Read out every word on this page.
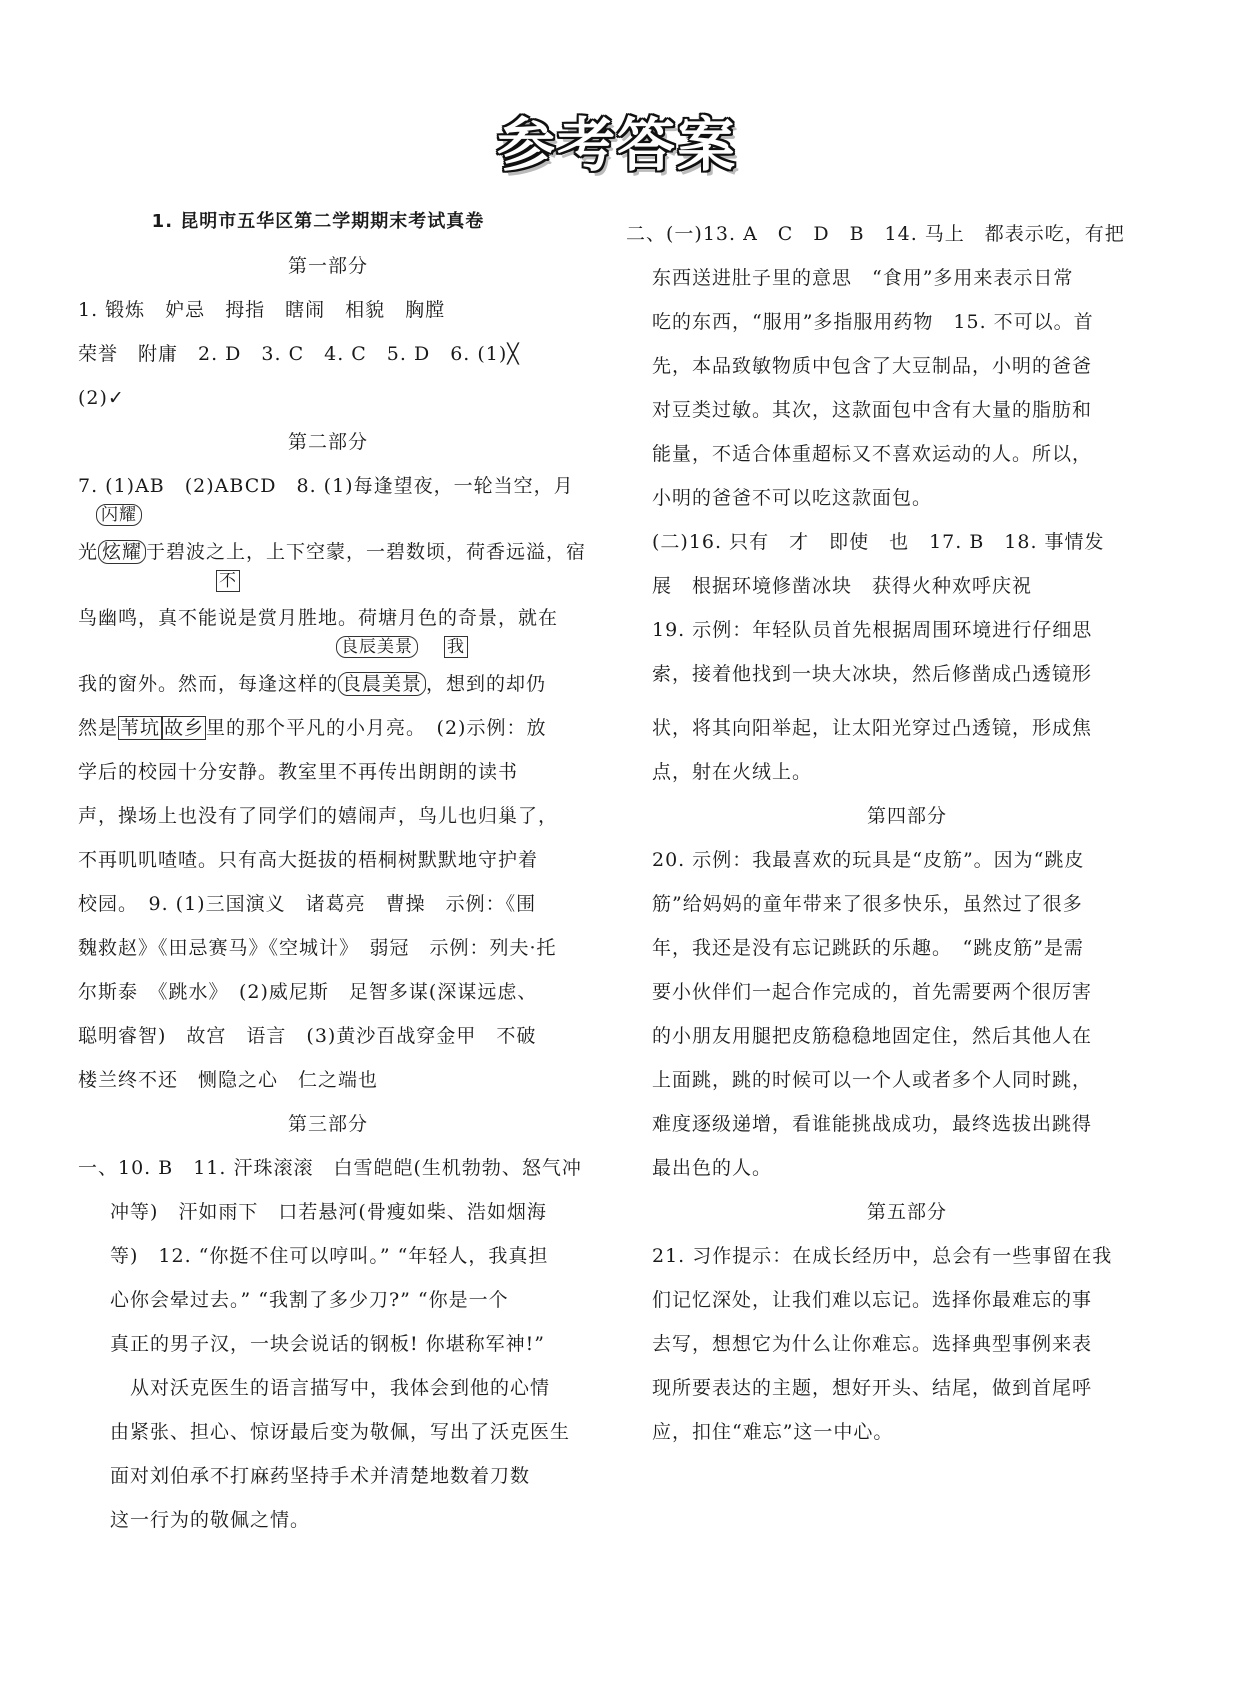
参考答案
1. 昆明市五华区第二学期期末考试真卷
第一部分
1. 锻炼　妒忌　拇指　瞎闹　相貌　胸膛
荣誉　附庸　2. D　3. C　4. C　5. D　6. (1)╳
(2)✓
第二部分
7. (1)AB　(2)ABCD　8. (1)每逢望夜，一轮当空，月
光
闪耀
炫耀 于碧波之上，上下空蒙，一碧数顷，荷香远溢，宿
鸟幽鸣，真不能
不
说是赏月胜地。荷塘月色的奇景，就在
我的窗外。然而，每逢这样的
良辰美景
良晨美景 ，
我
想到的却仍
然是 苇坑 故乡 里的那个平凡的小月亮。　(2)示例：放
学后的校园十分安静。教室里不再传出朗朗的读书
声，操场上也没有了同学们的嬉闹声，鸟儿也归巢了，
不再叽叽喳喳。只有高大挺拔的梧桐树默默地守护着
校园。　9. (1)三国演义　诸葛亮　曹操　示例：《围
魏救赵》《田忌赛马》《空城计》　弱冠　示例：列夫·托
尔斯泰　《跳水》　(2)威尼斯　足智多谋(深谋远虑、
聪明睿智)　故宫　语言　(3)黄沙百战穿金甲　不破
楼兰终不还　恻隐之心　仁之端也
第三部分
一、10. B　11. 汗珠滚滚　白雪皑皑(生机勃勃、怒气冲
冲等)　汗如雨下　口若悬河(骨瘦如柴、浩如烟海
等)　12. “你挺不住可以哼叫。” “年轻人，我真担
心你会晕过去。” “我割了多少刀?” “你是一个
真正的男子汉，一块会说话的钢板! 你堪称军神!”
　从对沃克医生的语言描写中，我体会到他的心情
由紧张、担心、惊讶最后变为敬佩，写出了沃克医生
面对刘伯承不打麻药坚持手术并清楚地数着刀数
这一行为的敬佩之情。
二、(一)13. A　C　D　B　14. 马上　都表示吃，有把
东西送进肚子里的意思　“食用”多用来表示日常
吃的东西，“服用”多指服用药物　15. 不可以。首
先，本品致敏物质中包含了大豆制品，小明的爸爸
对豆类过敏。其次，这款面包中含有大量的脂肪和
能量，不适合体重超标又不喜欢运动的人。所以，
小明的爸爸不可以吃这款面包。
(二)16. 只有　才　即使　也　17. B　18. 事情发
展　根据环境修凿冰块　获得火种欢呼庆祝
19. 示例：年轻队员首先根据周围环境进行仔细思
索，接着他找到一块大冰块，然后修凿成凸透镜形
状，将其向阳举起，让太阳光穿过凸透镜，形成焦
点，射在火绒上。
第四部分
20. 示例：我最喜欢的玩具是“皮筋”。因为“跳皮
筋”给妈妈的童年带来了很多快乐，虽然过了很多
年，我还是没有忘记跳跃的乐趣。　“跳皮筋”是需
要小伙伴们一起合作完成的，首先需要两个很厉害
的小朋友用腿把皮筋稳稳地固定住，然后其他人在
上面跳，跳的时候可以一个人或者多个人同时跳，
难度逐级递增，看谁能挑战成功，最终选拔出跳得
最出色的人。
第五部分
21. 习作提示：在成长经历中，总会有一些事留在我
们记忆深处，让我们难以忘记。选择你最难忘的事
去写，想想它为什么让你难忘。选择典型事例来表
现所要表达的主题，想好开头、结尾，做到首尾呼
应，扣住“难忘”这一中心。
